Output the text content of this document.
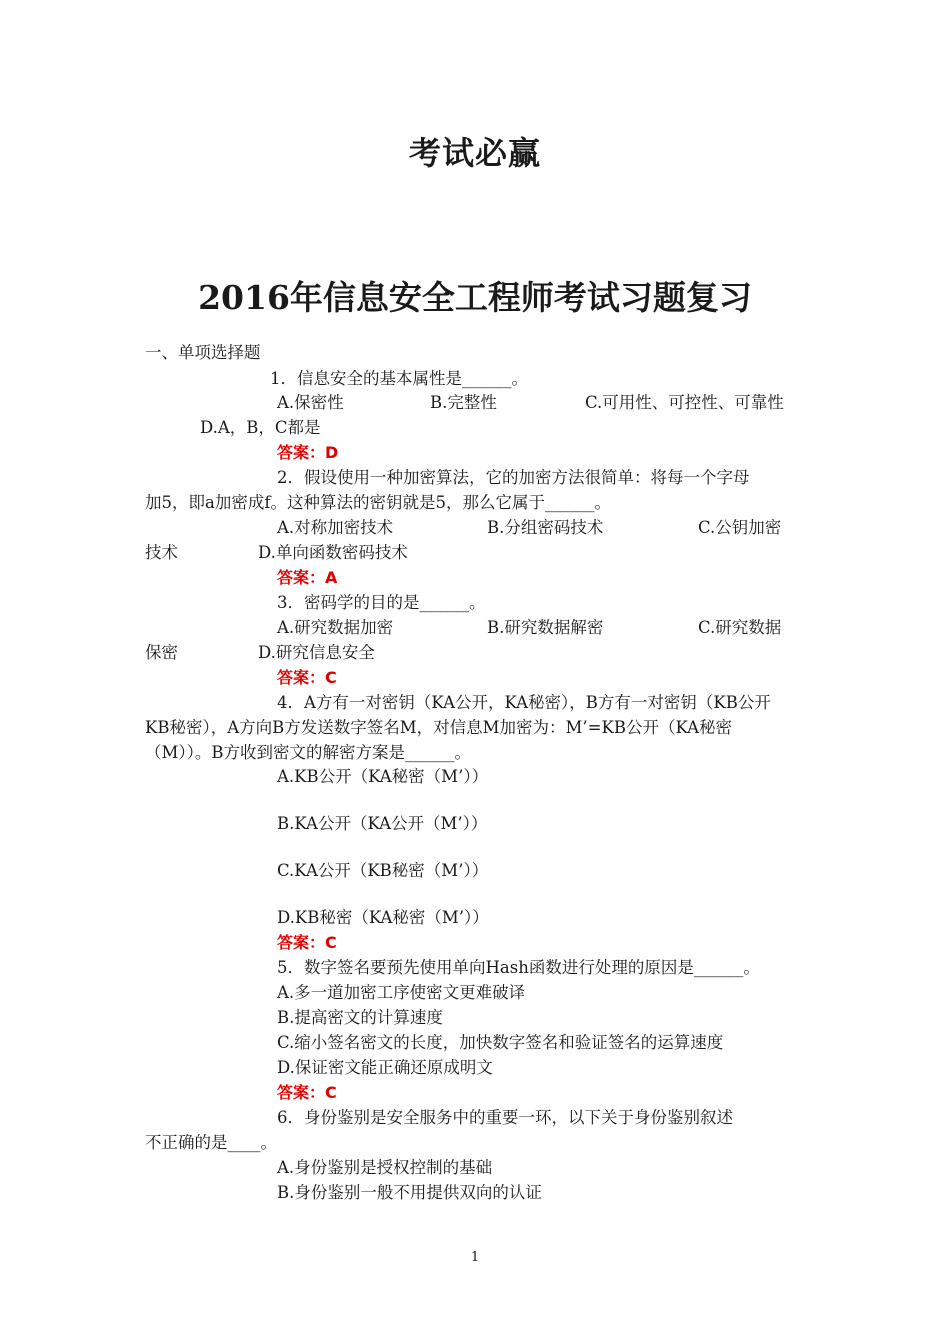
考试必赢
2016年信息安全工程师考试习题复习
一、单项选择题
1．信息安全的基本属性是______。
A.保密性	B.完整性	C.可用性、可控性、可靠性
D.A，B，C都是
答案：D
2．假设使用一种加密算法，它的加密方法很简单：将每一个字母
加5，即a加密成f。这种算法的密钥就是5，那么它属于______。
A.对称加密技术	B.分组密码技术	C.公钥加密
技术	D.单向函数密码技术
答案：A
3．密码学的目的是______。
A.研究数据加密	B.研究数据解密	C.研究数据
保密	D.研究信息安全
答案：C
4．A方有一对密钥（KA公开，KA秘密），B方有一对密钥（KB公开
KB秘密），A方向B方发送数字签名M，对信息M加密为：M’=KB公开（KA秘密
（M））。B方收到密文的解密方案是______。
A.KB公开（KA秘密（M’））
B.KA公开（KA公开（M’））
C.KA公开（KB秘密（M’））
D.KB秘密（KA秘密（M’））
答案：C
5．数字签名要预先使用单向Hash函数进行处理的原因是______。
A.多一道加密工序使密文更难破译
B.提高密文的计算速度
C.缩小签名密文的长度，加快数字签名和验证签名的运算速度
D.保证密文能正确还原成明文
答案：C
6．身份鉴别是安全服务中的重要一环，以下关于身份鉴别叙述
不正确的是____。
A.身份鉴别是授权控制的基础
B.身份鉴别一般不用提供双向的认证
1
